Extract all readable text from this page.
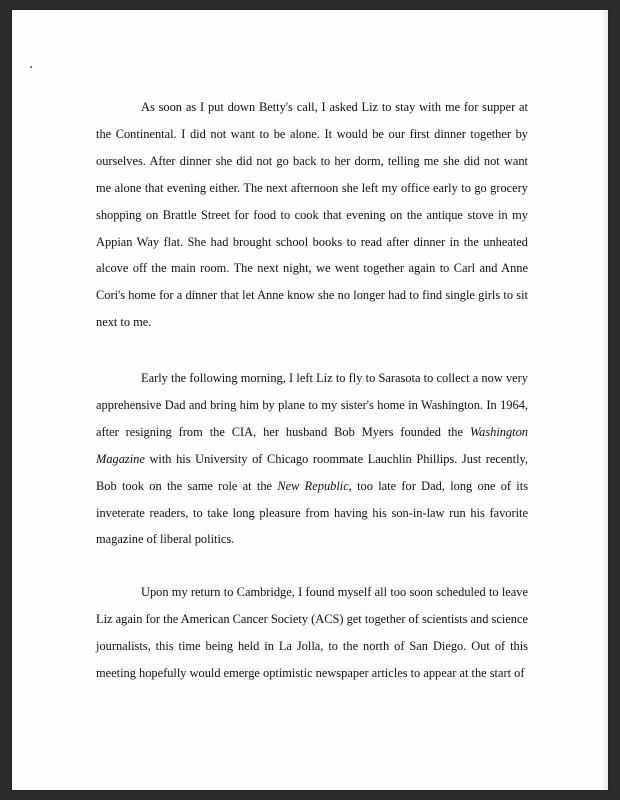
As soon as I put down Betty's call, I asked Liz to stay with me for supper at the Continental. I did not want to be alone. It would be our first dinner together by ourselves. After dinner she did not go back to her dorm, telling me she did not want me alone that evening either. The next afternoon she left my office early to go grocery shopping on Brattle Street for food to cook that evening on the antique stove in my Appian Way flat. She had brought school books to read after dinner in the unheated alcove off the main room. The next night, we went together again to Carl and Anne Cori's home for a dinner that let Anne know she no longer had to find single girls to sit next to me.

Early the following morning, I left Liz to fly to Sarasota to collect a now very apprehensive Dad and bring him by plane to my sister's home in Washington. In 1964, after resigning from the CIA, her husband Bob Myers founded the Washington Magazine with his University of Chicago roommate Lauchlin Phillips. Just recently, Bob took on the same role at the New Republic, too late for Dad, long one of its inveterate readers, to take long pleasure from having his son-in-law run his favorite magazine of liberal politics.

Upon my return to Cambridge, I found myself all too soon scheduled to leave Liz again for the American Cancer Society (ACS) get together of scientists and science journalists, this time being held in La Jolla, to the north of San Diego. Out of this meeting hopefully would emerge optimistic newspaper articles to appear at the start of
